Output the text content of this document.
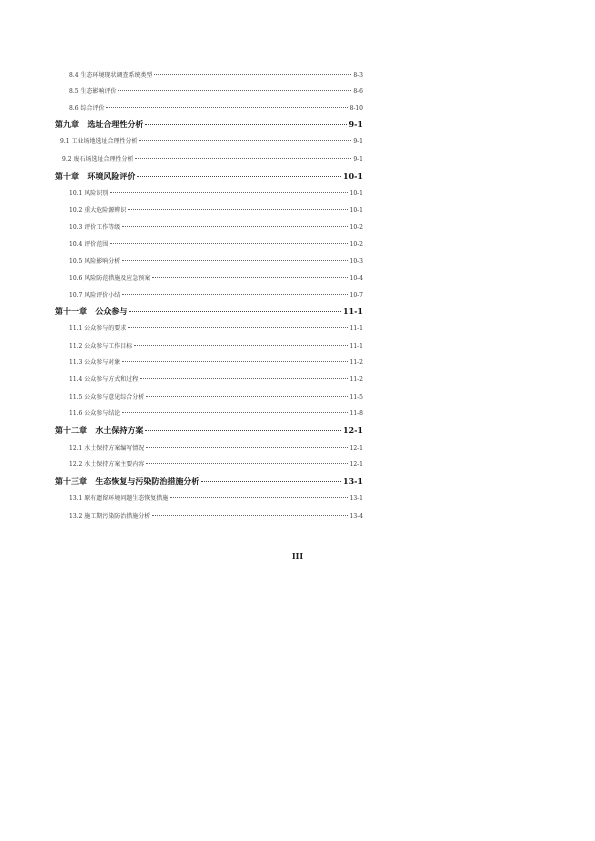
8.4 生态环境现状调查系统类型	8-3
8.5 生态影响评价	8-6
8.6 综合评价	8-10
第九章 选址合理性分析	9-1
9.1 工业场地选址合理性分析	9-1
9.2 废石场选址合理性分析	9-1
第十章 环境风险评价	10-1
10.1 风险识别	10-1
10.2 重大危险源辨识	10-1
10.3 评价工作等级	10-2
10.4 评价范围	10-2
10.5 风险影响分析	10-3
10.6 风险防范措施及应急预案	10-4
10.7 风险评价小结	10-7
第十一章 公众参与	11-1
11.1 公众参与的要求	11-1
11.2 公众参与工作目标	11-1
11.3 公众参与对象	11-2
11.4 公众参与方式和过程	11-2
11.5 公众参与意见综合分析	11-5
11.6 公众参与结论	11-8
第十二章 水土保持方案	12-1
12.1 水土保持方案编写情况	12-1
12.2 水土保持方案主要内容	12-1
第十三章 生态恢复与污染防治措施分析	13-1
13.1 原有遗留环境问题生态恢复措施	13-1
13.2 施工期污染防治措施分析	13-4
III
